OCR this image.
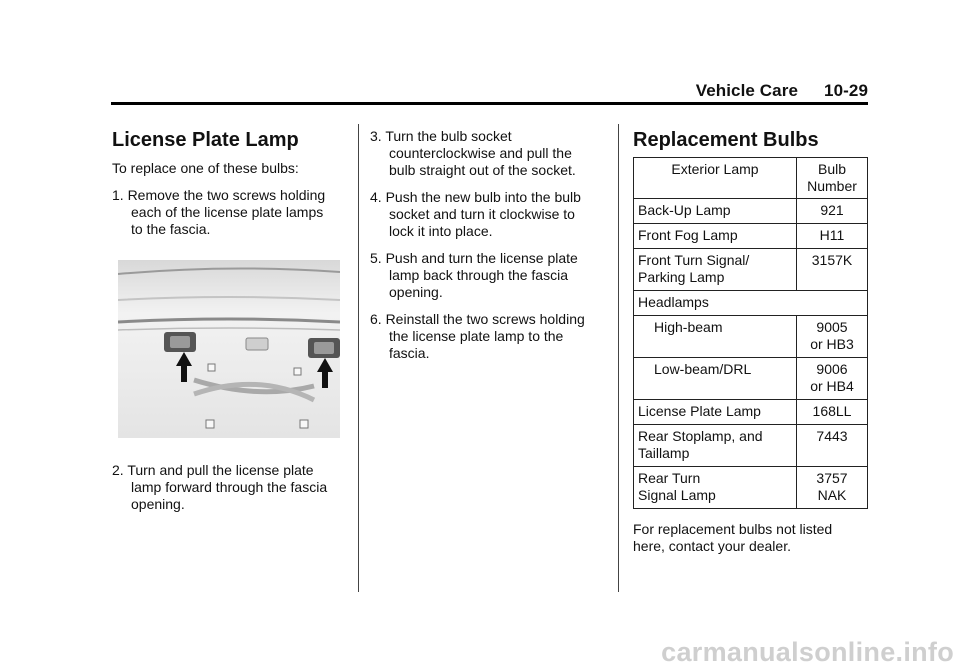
Vehicle Care 10-29
License Plate Lamp

To replace one of these bulbs:

1. Remove the two screws holding
each of the license plate lamps
to the fascia.
2. Turn and pull the license plate
lamp forward through the fascia
opening.
3. Turn the bulb socket
counterclockwise and pull the
bulb straight out of the socket.
4. Push the new bulb into the bulb
socket and turn it clockwise to
lock it into place.
5. Push and turn the license plate
lamp back through the fascia
opening.
6. Reinstall the two screws holding
the license plate lamp to the
fascia.
Replacement Bulbs
Exterior Lamp	Bulb
Number
Back-Up Lamp	921
Front Fog Lamp	H11
Front Turn Signal/
Parking Lamp	3157K
Headlamps	
High-beam	9005
or HB3
Low-beam/DRL	9006
or HB4
License Plate Lamp	168LL
Rear Stoplamp, and
Taillamp	7443
Rear Turn
Signal Lamp	3757 NAK

For replacement bulbs not listed
here, contact your dealer.

carmanualsonline.info
